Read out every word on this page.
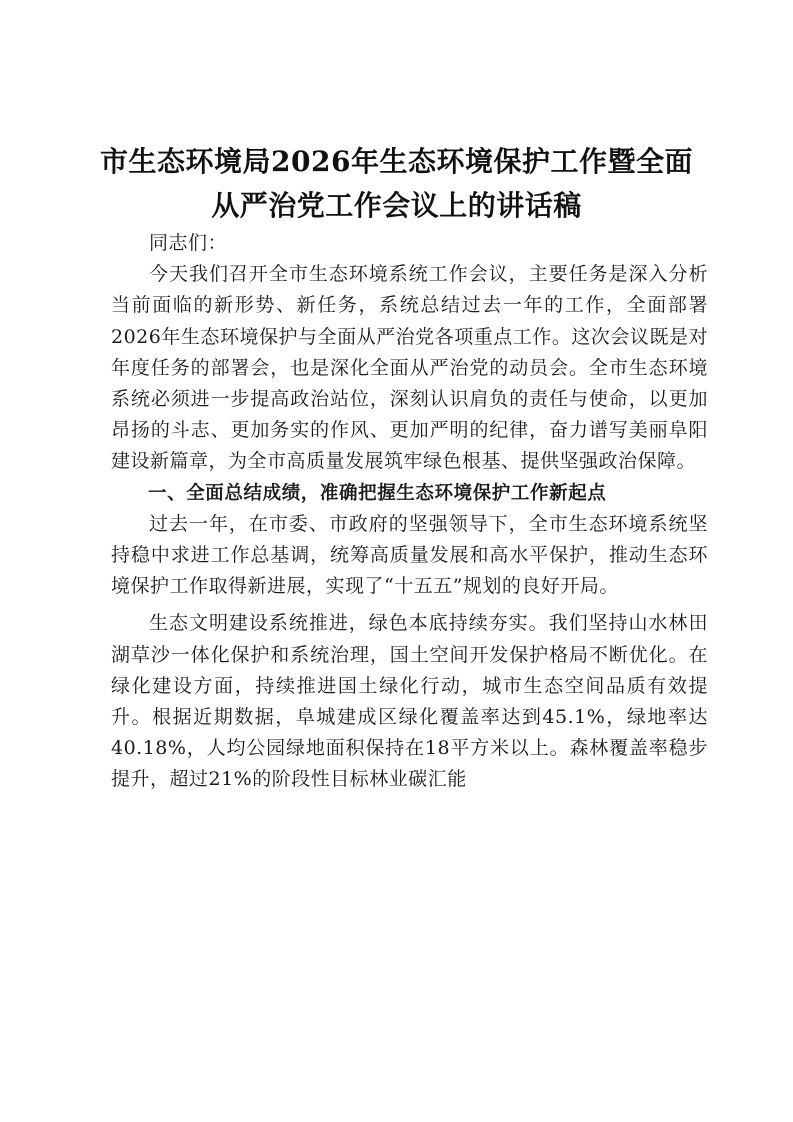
市生态环境局2026年生态环境保护工作暨全面从严治党工作会议上的讲话稿

同志们：

今天我们召开全市生态环境系统工作会议，主要任务是深入分析当前面临的新形势、新任务，系统总结过去一年的工作，全面部署2026年生态环境保护与全面从严治党各项重点工作。这次会议既是对年度任务的部署会，也是深化全面从严治党的动员会。全市生态环境系统必须进一步提高政治站位，深刻认识肩负的责任与使命，以更加昂扬的斗志、更加务实的作风、更加严明的纪律，奋力谱写美丽阜阳建设新篇章，为全市高质量发展筑牢绿色根基、提供坚强政治保障。

一、全面总结成绩，准确把握生态环境保护工作新起点

过去一年，在市委、市政府的坚强领导下，全市生态环境系统坚持稳中求进工作总基调，统筹高质量发展和高水平保护，推动生态环境保护工作取得新进展，实现了“十五五”规划的良好开局。

生态文明建设系统推进，绿色本底持续夯实。我们坚持山水林田湖草沙一体化保护和系统治理，国土空间开发保护格局不断优化。在绿化建设方面，持续推进国土绿化行动，城市生态空间品质有效提升。根据近期数据，阜城建成区绿化覆盖率达到45.1%，绿地率达40.18%，人均公园绿地面积保持在18平方米以上。森林覆盖率稳步提升，超过21%的阶段性目标林业碳汇能
